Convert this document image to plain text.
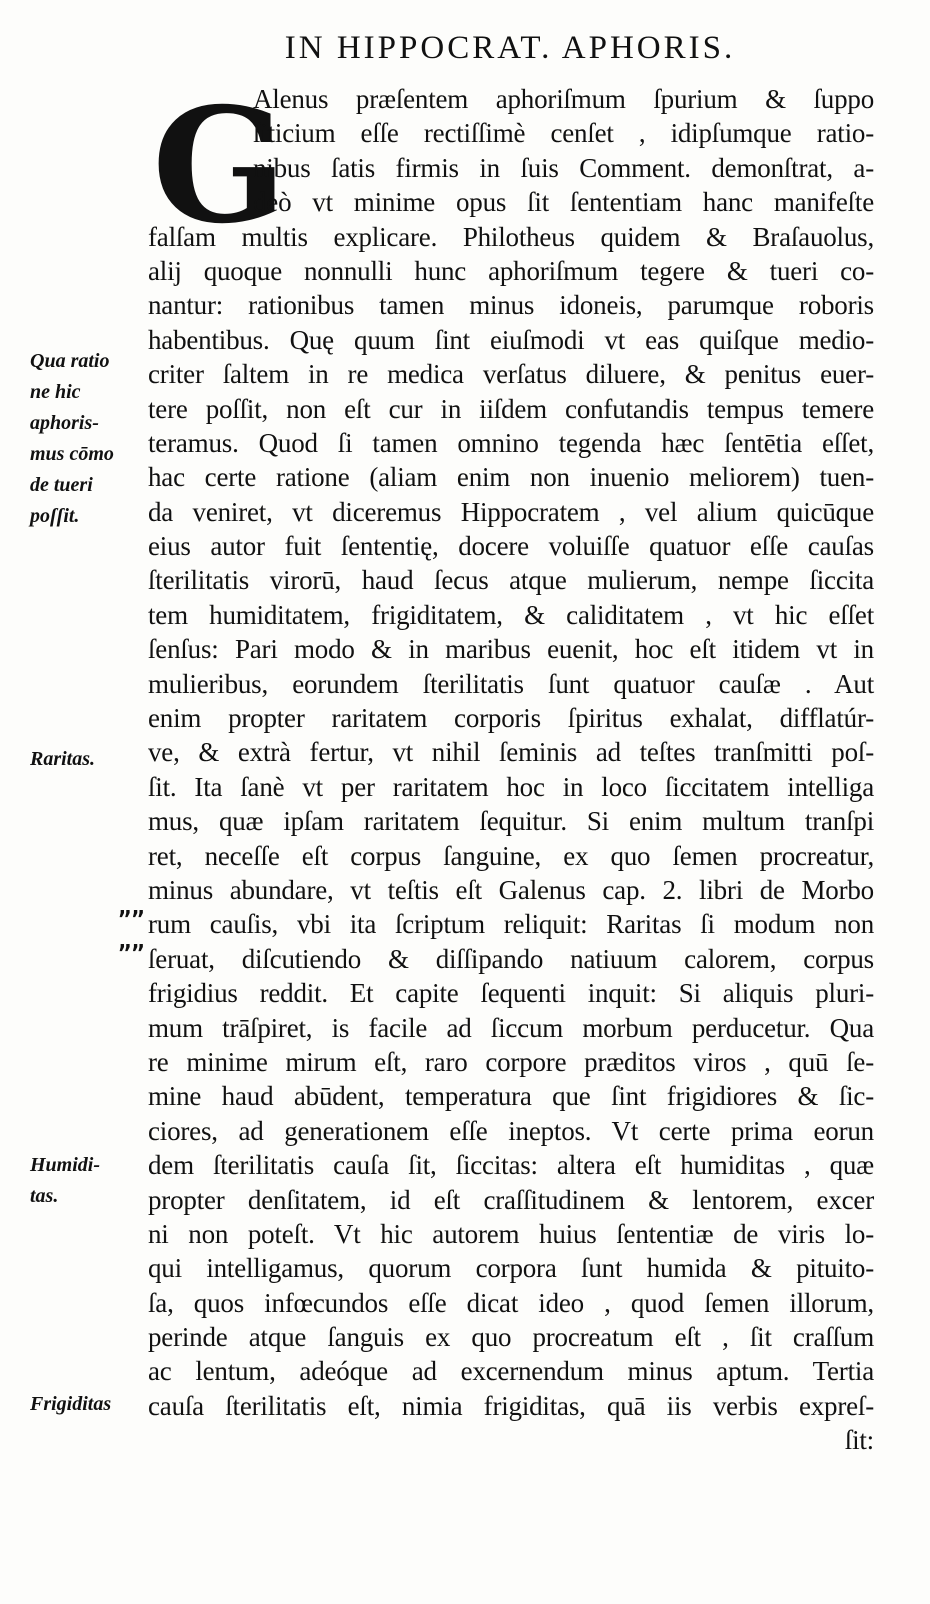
IN HIPPOCRAT. APHORIS.
G
Alenus præſentem aphoriſmum ſpurium & ſuppo
ſiticium eſſe rectiſſimè cenſet , idipſumque ratio-
nibus ſatis firmis in ſuis Comment. demonſtrat, a-
deò vt minime opus ſit ſententiam hanc manifeſte
falſam multis explicare. Philotheus quidem & Braſauolus,
alij quoque nonnulli hunc aphoriſmum tegere & tueri co-
nantur: rationibus tamen minus idoneis, parumque roboris
habentibus. Quę quum ſint eiuſmodi vt eas quiſque medio-
criter ſaltem in re medica verſatus diluere, & penitus euer-
tere poſſit, non eſt cur in iiſdem confutandis tempus temere
teramus. Quod ſi tamen omnino tegenda hæc ſentētia eſſet,
hac certe ratione (aliam enim non inuenio meliorem) tuen-
da veniret, vt diceremus Hippocratem , vel alium quicūque
eius autor fuit ſententię, docere voluiſſe quatuor eſſe cauſas
ſterilitatis virorū, haud ſecus atque mulierum, nempe ſiccita
tem humiditatem, frigiditatem, & caliditatem , vt hic eſſet
ſenſus: Pari modo & in maribus euenit, hoc eſt itidem vt in
mulieribus, eorundem ſterilitatis ſunt quatuor cauſæ . Aut
enim propter raritatem corporis ſpiritus exhalat, difflatúr-
ve, & extrà fertur, vt nihil ſeminis ad teſtes tranſmitti poſ-
ſit. Ita ſanè vt per raritatem hoc in loco ſiccitatem intelliga
mus, quæ ipſam raritatem ſequitur. Si enim multum tranſpi
ret, neceſſe eſt corpus ſanguine, ex quo ſemen procreatur,
minus abundare, vt teſtis eſt Galenus cap. 2. libri de Morbo
rum cauſis, vbi ita ſcriptum reliquit: Raritas ſi modum non
ſeruat, diſcutiendo & diſſipando natiuum calorem, corpus
frigidius reddit. Et capite ſequenti inquit: Si aliquis pluri-
mum trāſpiret, is facile ad ſiccum morbum perducetur. Qua
re minime mirum eſt, raro corpore præditos viros , quū ſe-
mine haud abūdent, temperatura que ſint frigidiores & ſic-
ciores, ad generationem eſſe ineptos. Vt certe prima eorun
dem ſterilitatis cauſa ſit, ſiccitas: altera eſt humiditas , quæ
propter denſitatem, id eſt craſſitudinem & lentorem, excer
ni non poteſt. Vt hic autorem huius ſententiæ de viris lo-
qui intelligamus, quorum corpora ſunt humida & pituito-
ſa, quos infœcundos eſſe dicat ideo , quod ſemen illorum,
perinde atque ſanguis ex quo procreatum eſt , ſit craſſum
ac lentum, adeóque ad excernendum minus aptum. Tertia
cauſa ſterilitatis eſt, nimia frigiditas, quā iis verbis expreſ-
ſit:
Qua ratio
ne hic
aphoris-
mus cōmo
de tueri
poſſit.
Raritas.
””
””
Humidi-
tas.
Frigiditas
